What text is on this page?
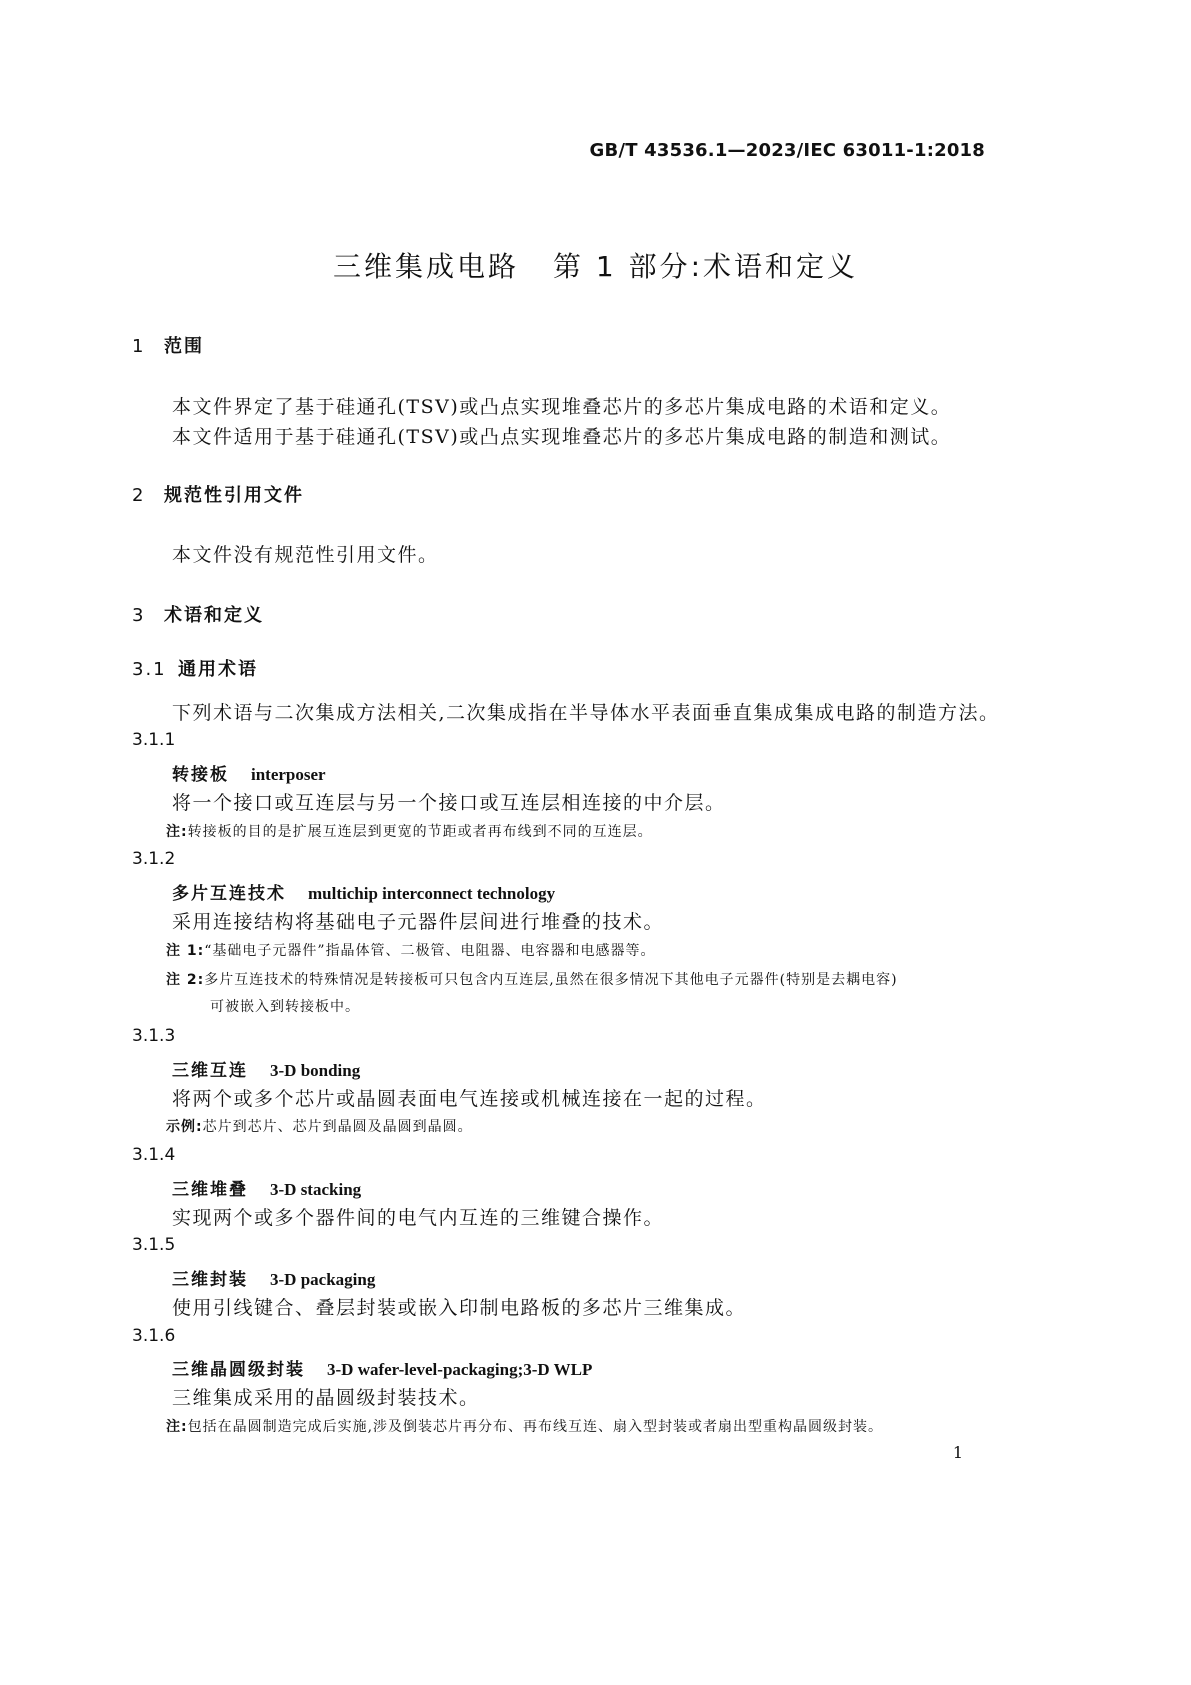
GB/T 43536.1—2023/IEC 63011-1:2018
三维集成电路 第 1 部分:术语和定义
1 范围
本文件界定了基于硅通孔(TSV)或凸点实现堆叠芯片的多芯片集成电路的术语和定义。
本文件适用于基于硅通孔(TSV)或凸点实现堆叠芯片的多芯片集成电路的制造和测试。
2 规范性引用文件
本文件没有规范性引用文件。
3 术语和定义
3.1 通用术语
下列术语与二次集成方法相关,二次集成指在半导体水平表面垂直集成集成电路的制造方法。
3.1.1
转接板 interposer
将一个接口或互连层与另一个接口或互连层相连接的中介层。
注:转接板的目的是扩展互连层到更宽的节距或者再布线到不同的互连层。
3.1.2
多片互连技术 multichip interconnect technology
采用连接结构将基础电子元器件层间进行堆叠的技术。
注 1:“基础电子元器件”指晶体管、二极管、电阻器、电容器和电感器等。
注 2:多片互连技术的特殊情况是转接板可只包含内互连层,虽然在很多情况下其他电子元器件(特别是去耦电容)
可被嵌入到转接板中。
3.1.3
三维互连 3-D bonding
将两个或多个芯片或晶圆表面电气连接或机械连接在一起的过程。
示例:芯片到芯片、芯片到晶圆及晶圆到晶圆。
3.1.4
三维堆叠 3-D stacking
实现两个或多个器件间的电气内互连的三维键合操作。
3.1.5
三维封装 3-D packaging
使用引线键合、叠层封装或嵌入印制电路板的多芯片三维集成。
3.1.6
三维晶圆级封装 3-D wafer-level-packaging;3-D WLP
三维集成采用的晶圆级封装技术。
注:包括在晶圆制造完成后实施,涉及倒装芯片再分布、再布线互连、扇入型封装或者扇出型重构晶圆级封装。
1
